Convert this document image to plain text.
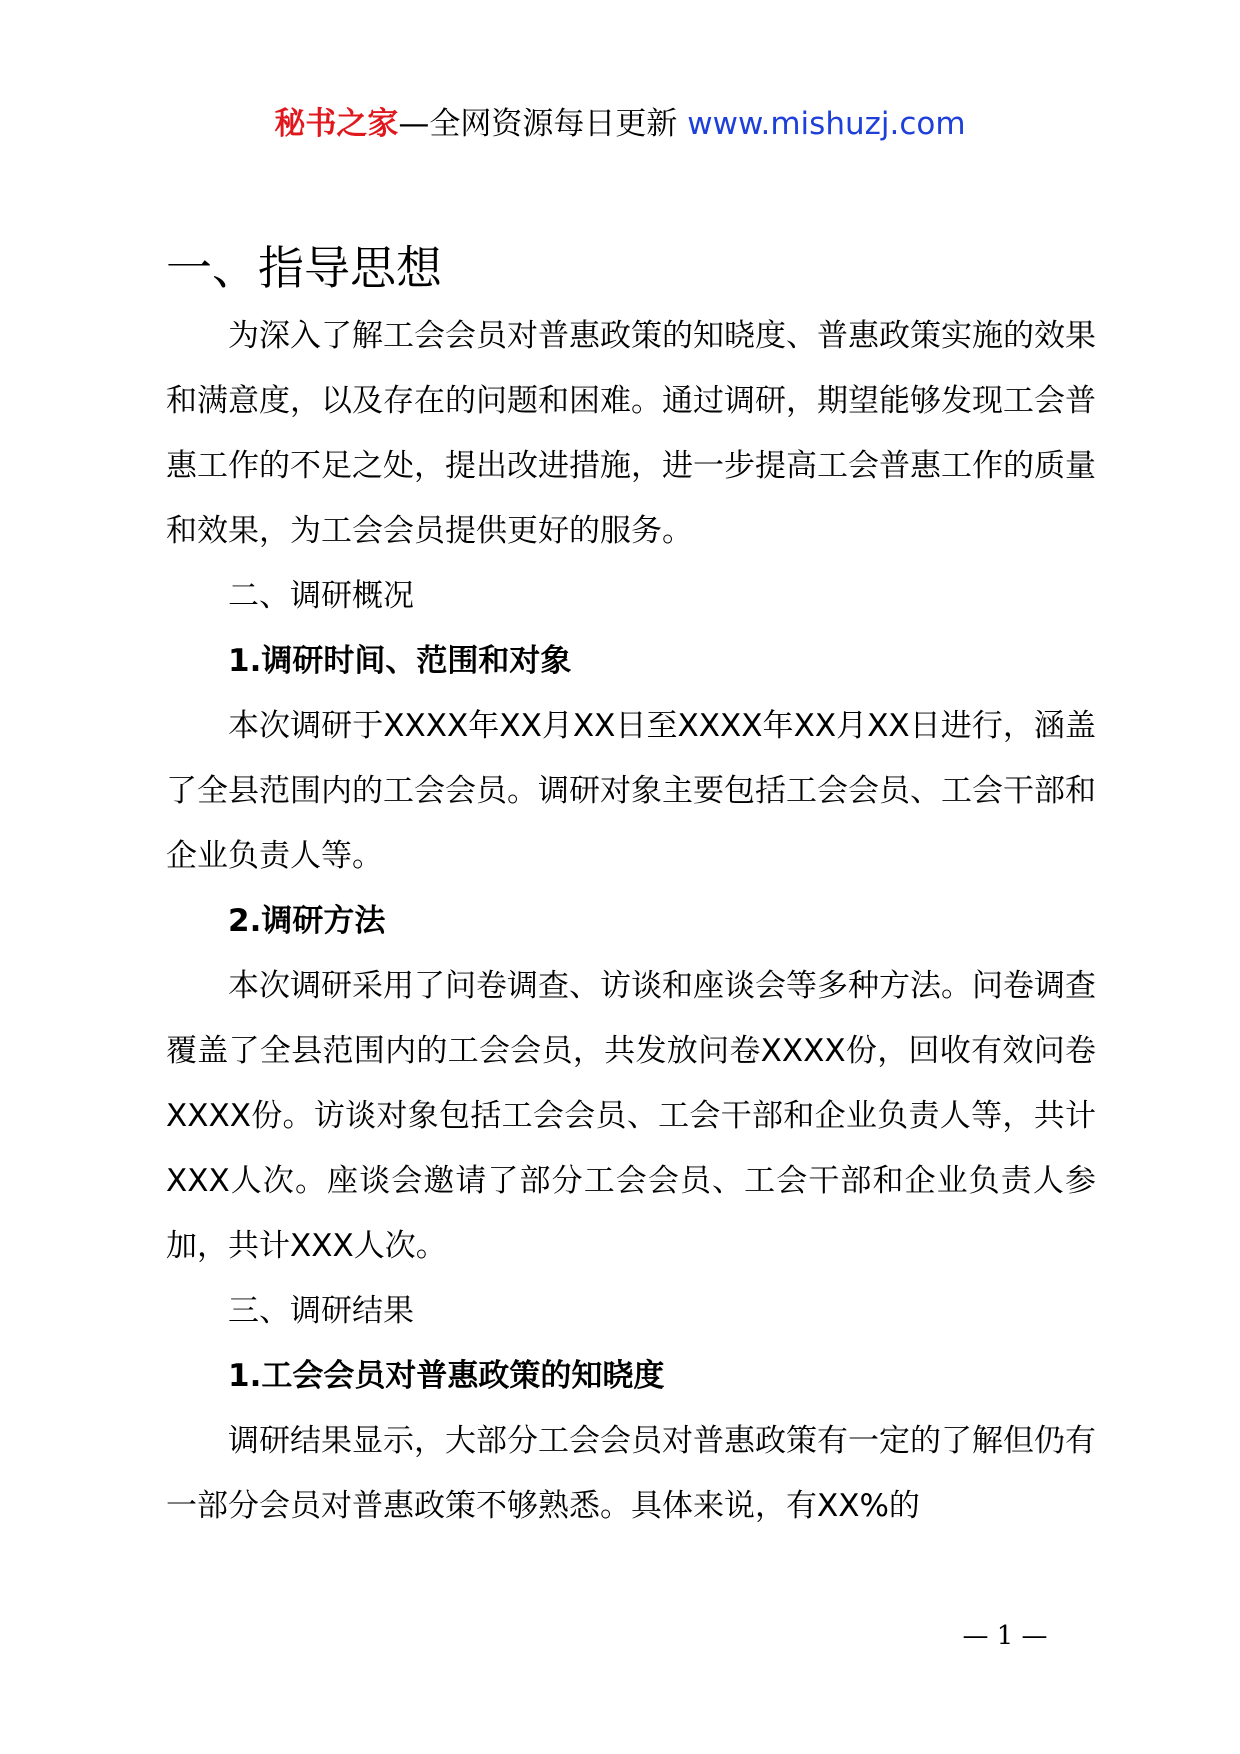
秘书之家—全网资源每日更新 www.mishuzj.com
一、指导思想

为深入了解工会会员对普惠政策的知晓度、普惠政策实施的效果和满意度，以及存在的问题和困难。通过调研，期望能够发现工会普惠工作的不足之处，提出改进措施，进一步提高工会普惠工作的质量和效果，为工会会员提供更好的服务。

二、调研概况
1.调研时间、范围和对象

本次调研于XXXX年XX月XX日至XXXX年XX月XX日进行，涵盖了全县范围内的工会会员。调研对象主要包括工会会员、工会干部和企业负责人等。

2.调研方法

本次调研采用了问卷调查、访谈和座谈会等多种方法。问卷调查覆盖了全县范围内的工会会员，共发放问卷XXXX份，回收有效问卷XXXX份。访谈对象包括工会会员、工会干部和企业负责人等，共计XXX人次。座谈会邀请了部分工会会员、工会干部和企业负责人参加，共计XXX人次。

三、调研结果
1.工会会员对普惠政策的知晓度

调研结果显示，大部分工会会员对普惠政策有一定的了解但仍有一部分会员对普惠政策不够熟悉。具体来说，有XX%的

— 1 —
